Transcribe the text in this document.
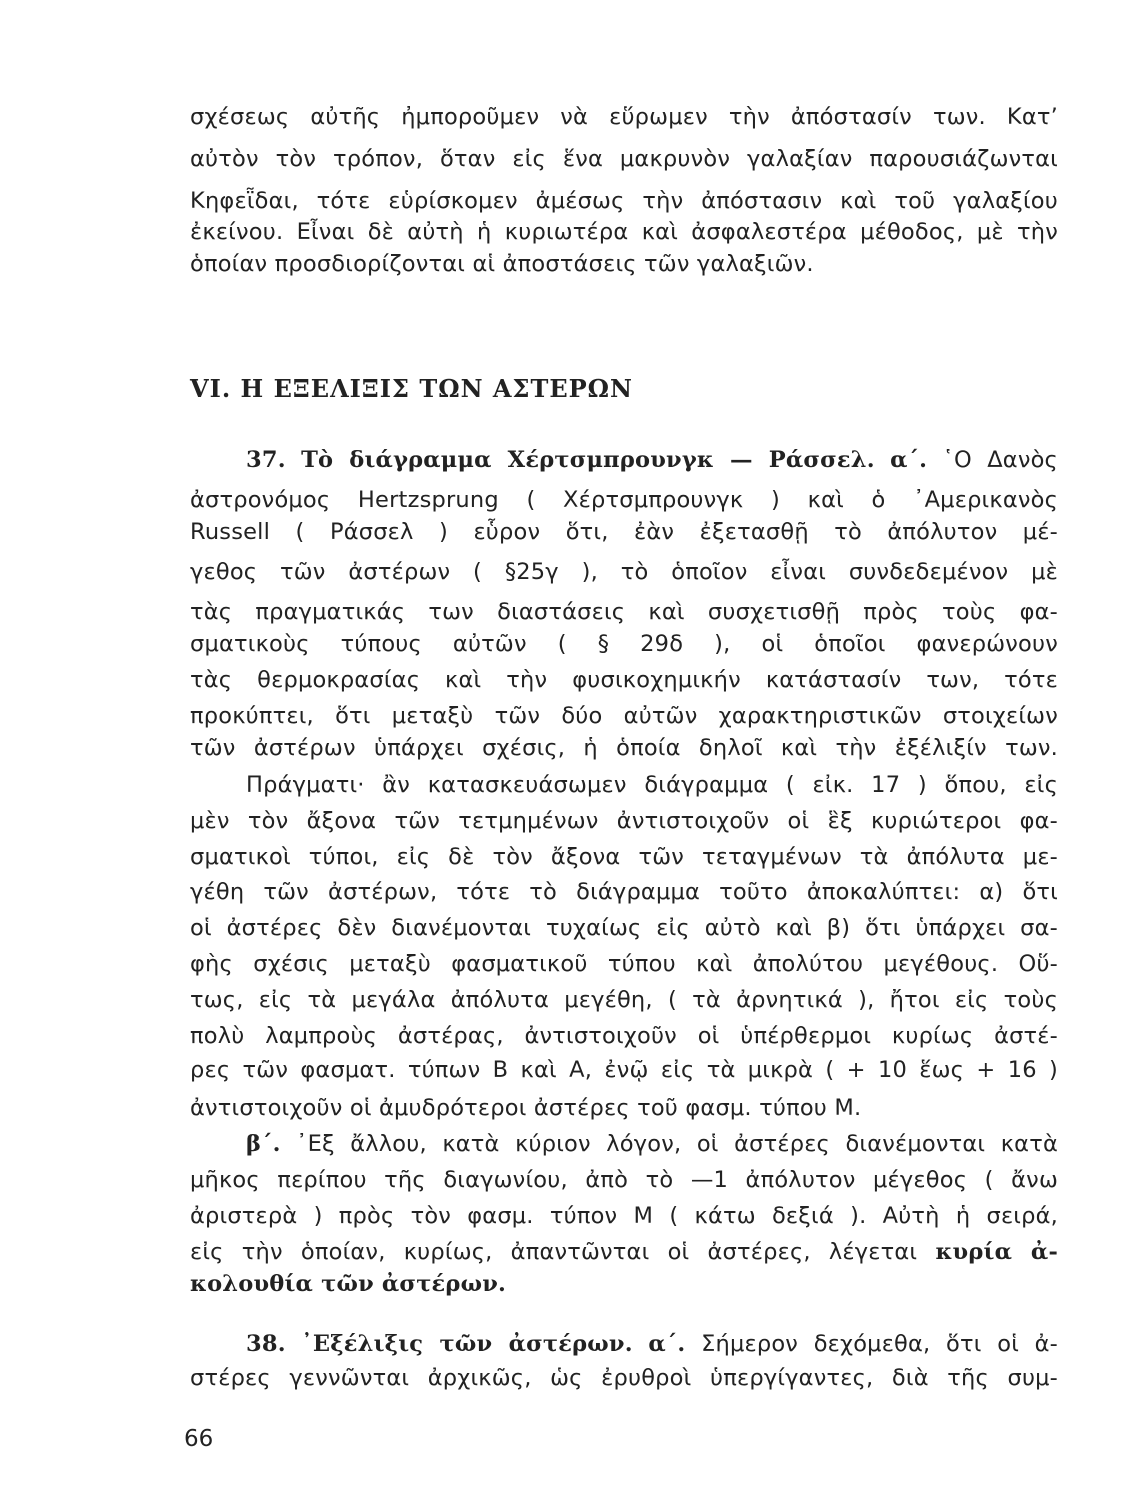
σχέσεως αὐτῆς ἠμποροῦμεν νὰ εὕρωμεν τὴν ἀπόστασίν των. Κατ’
αὐτὸν τὸν τρόπον, ὅταν εἰς ἕνα μακρυνὸν γαλαξίαν παρουσιάζωνται
Κηφεῗδαι, τότε εὑρίσκομεν ἀμέσως τὴν ἀπόστασιν καὶ τοῦ γαλαξίου
ἐκείνου. Εἶναι δὲ αὐτὴ ἡ κυριωτέρα καὶ ἀσφαλεστέρα μέθοδος, μὲ τὴν
ὁποίαν προσδιορίζονται αἱ ἀποστάσεις τῶν γαλαξιῶν.
VI. Η ΕΞΕΛΙΞΙΣ ΤΩΝ ΑΣΤΕΡΩΝ
37. Τὸ διάγραμμα Χέρτσμπρουνγκ — Ράσσελ. α΄. ῾Ο Δανὸς
ἀστρονόμος Hertzsprung ( Χέρτσμπρουνγκ ) καὶ ὁ ᾿Αμερικανὸς
Russell ( Ράσσελ ) εὗρον ὅτι, ἐὰν ἐξετασθῇ τὸ ἀπόλυτον μέ-
γεθος τῶν ἀστέρων ( §25γ ), τὸ ὁποῖον εἶναι συνδεδεμένον μὲ
τὰς πραγματικάς των διαστάσεις καὶ συσχετισθῇ πρὸς τοὺς φα-
σματικοὺς τύπους αὐτῶν ( § 29δ ), οἱ ὁποῖοι φανερώνουν
τὰς θερμοκρασίας καὶ τὴν φυσικοχημικήν κατάστασίν των, τότε
προκύπτει, ὅτι μεταξὺ τῶν δύο αὐτῶν χαρακτηριστικῶν στοιχείων
τῶν ἀστέρων ὑπάρχει σχέσις, ἡ ὁποία δηλοῖ καὶ τὴν ἐξέλιξίν των.
Πράγματι· ἂν κατασκευάσωμεν διάγραμμα ( εἰκ. 17 ) ὅπου, εἰς
μὲν τὸν ἄξονα τῶν τετμημένων ἀντιστοιχοῦν οἱ ἓξ κυριώτεροι φα-
σματικοὶ τύποι, εἰς δὲ τὸν ἄξονα τῶν τεταγμένων τὰ ἀπόλυτα με-
γέθη τῶν ἀστέρων, τότε τὸ διάγραμμα τοῦτο ἀποκαλύπτει: α) ὅτι
οἱ ἀστέρες δὲν διανέμονται τυχαίως εἰς αὐτὸ καὶ β) ὅτι ὑπάρχει σα-
φὴς σχέσις μεταξὺ φασματικοῦ τύπου καὶ ἀπολύτου μεγέθους. Οὕ-
τως, εἰς τὰ μεγάλα ἀπόλυτα μεγέθη, ( τὰ ἀρνητικά ), ἤτοι εἰς τοὺς
πολὺ λαμπροὺς ἀστέρας, ἀντιστοιχοῦν οἱ ὑπέρθερμοι κυρίως ἀστέ-
ρες τῶν φασματ. τύπων Β καὶ Α, ἐνῷ εἰς τὰ μικρὰ ( + 10 ἕως + 16 )
ἀντιστοιχοῦν οἱ ἀμυδρότεροι ἀστέρες τοῦ φασμ. τύπου Μ.
β΄. ᾿Εξ ἄλλου, κατὰ κύριον λόγον, οἱ ἀστέρες διανέμονται κατὰ
μῆκος περίπου τῆς διαγωνίου, ἀπὸ τὸ —1 ἀπόλυτον μέγεθος ( ἄνω
ἀριστερὰ ) πρὸς τὸν φασμ. τύπον Μ ( κάτω δεξιά ). Αὐτὴ ἡ σειρά,
εἰς τὴν ὁποίαν, κυρίως, ἀπαντῶνται οἱ ἀστέρες, λέγεται κυρία ἀ-
κολουθία τῶν ἀστέρων.
38. ᾿Εξέλιξις τῶν ἀστέρων. α΄. Σήμερον δεχόμεθα, ὅτι οἱ ἀ-
στέρες γεννῶνται ἀρχικῶς, ὡς ἐρυθροὶ ὑπεργίγαντες, διὰ τῆς συμ-
66
